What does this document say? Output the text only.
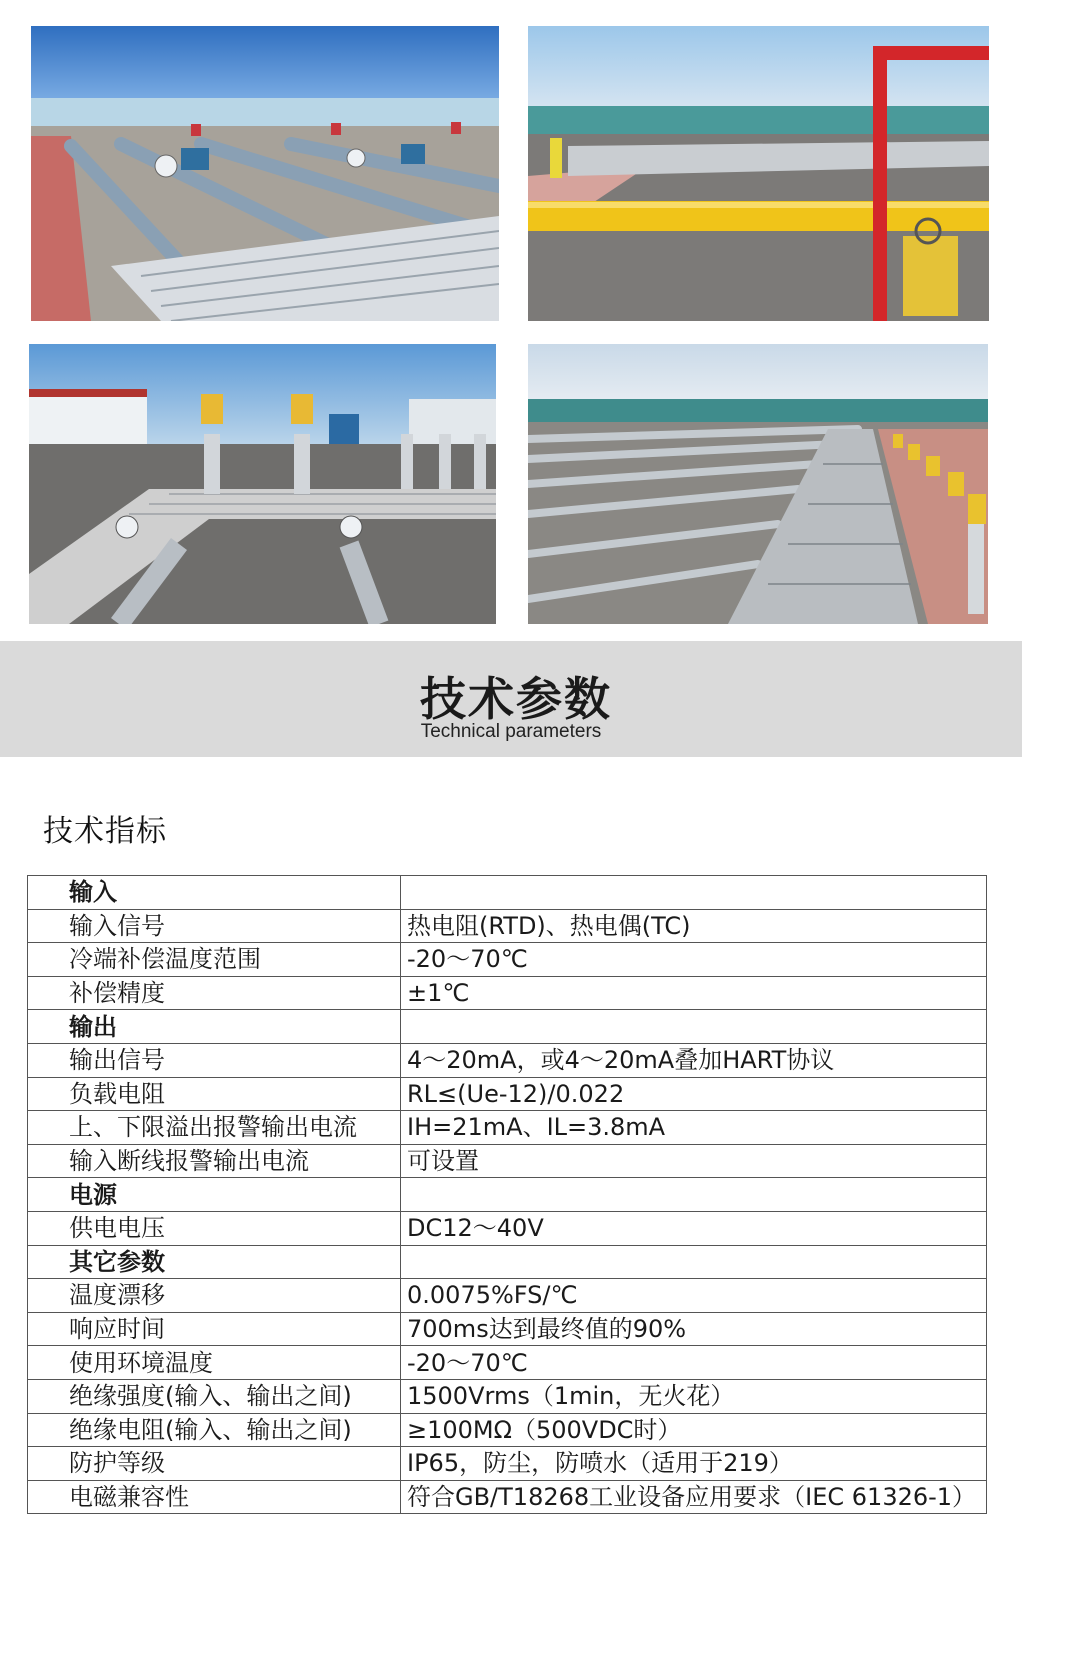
技术参数
Technical parameters
技术指标
输入	
输入信号	热电阻(RTD)、热电偶(TC)
冷端补偿温度范围	-20～70℃
补偿精度	±1℃
输出	
输出信号	4～20mA，或4～20mA叠加HART协议
负载电阻	RL≤(Ue-12)/0.022
上、下限溢出报警输出电流	IH=21mA、IL=3.8mA
输入断线报警输出电流	可设置
电源	
供电电压	DC12～40V
其它参数	
温度漂移	0.0075%FS/℃
响应时间	700ms达到最终值的90%
使用环境温度	-20～70℃
绝缘强度(输入、输出之间)	1500Vrms（1min，无火花）
绝缘电阻(输入、输出之间)	≥100MΩ（500VDC时）
防护等级	IP65，防尘，防喷水（适用于219）
电磁兼容性	符合GB/T18268工业设备应用要求（IEC 61326-1）
